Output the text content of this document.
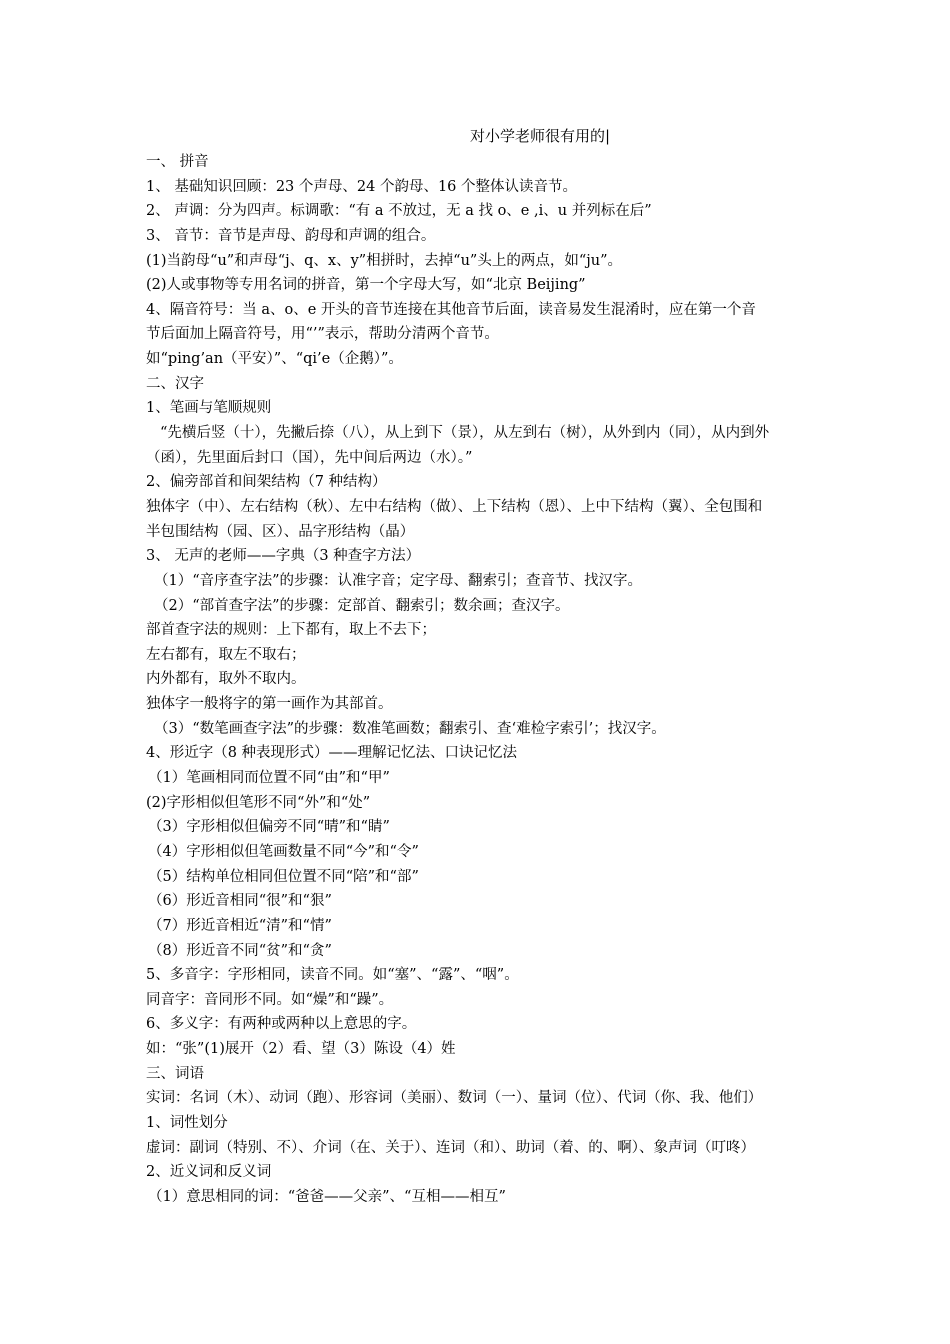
对小学老师很有用的|
一、 拼音
1、 基础知识回顾：23 个声母、24 个韵母、16 个整体认读音节。
2、 声调：分为四声。标调歌：“有 a 不放过，无 a 找 o、e ,i、u 并列标在后”
3、 音节：音节是声母、韵母和声调的组合。
(1)当韵母“u”和声母“j、q、x、y”相拼时，去掉“u”头上的两点，如“ju”。
(2)人或事物等专用名词的拼音，第一个字母大写，如“北京 Beijing”
4、隔音符号：当 a、o、e 开头的音节连接在其他音节后面，读音易发生混淆时，应在第一个音
节后面加上隔音符号，用“’”表示，帮助分清两个音节。
如“ping’an（平安）”、“qi’e（企鹅）”。
二、汉字
1、笔画与笔顺规则
“先横后竖（十），先撇后捺（八），从上到下（景），从左到右（树），从外到内（同），从内到外
（函），先里面后封口（国），先中间后两边（水）。”
2、偏旁部首和间架结构（7 种结构）
独体字（中）、左右结构（秋）、左中右结构（做）、上下结构（恩）、上中下结构（翼）、全包围和
半包围结构（园、区）、品字形结构（晶）
3、 无声的老师——字典（3 种查字方法）
（1）“音序查字法”的步骤：认准字音；定字母、翻索引；查音节、找汉字。
（2）“部首查字法”的步骤：定部首、翻索引；数余画；查汉字。
部首查字法的规则：上下都有，取上不去下；
左右都有，取左不取右；
内外都有，取外不取内。
独体字一般将字的第一画作为其部首。
（3）“数笔画查字法”的步骤：数准笔画数；翻索引、查‘难检字索引’；找汉字。
4、形近字（8 种表现形式）——理解记忆法、口诀记忆法
（1）笔画相同而位置不同“由”和“甲”
(2)字形相似但笔形不同“外”和“处”
（3）字形相似但偏旁不同“晴”和“睛”
（4）字形相似但笔画数量不同“今”和“令”
（5）结构单位相同但位置不同“陪”和“部”
（6）形近音相同“很”和“狠”
（7）形近音相近“清”和“情”
（8）形近音不同“贫”和“贪”
5、多音字：字形相同，读音不同。如“塞”、“露”、“咽”。
同音字：音同形不同。如“燥”和“躁”。
6、多义字：有两种或两种以上意思的字。
如：“张”(1)展开（2）看、望（3）陈设（4）姓
三、词语
实词：名词（木）、动词（跑）、形容词（美丽）、数词（一）、量词（位）、代词（你、我、他们）
1、词性划分
虚词：副词（特别、不）、介词（在、关于）、连词（和）、助词（着、的、啊）、象声词（叮咚）
2、近义词和反义词
（1）意思相同的词：“爸爸——父亲”、“互相——相互”
